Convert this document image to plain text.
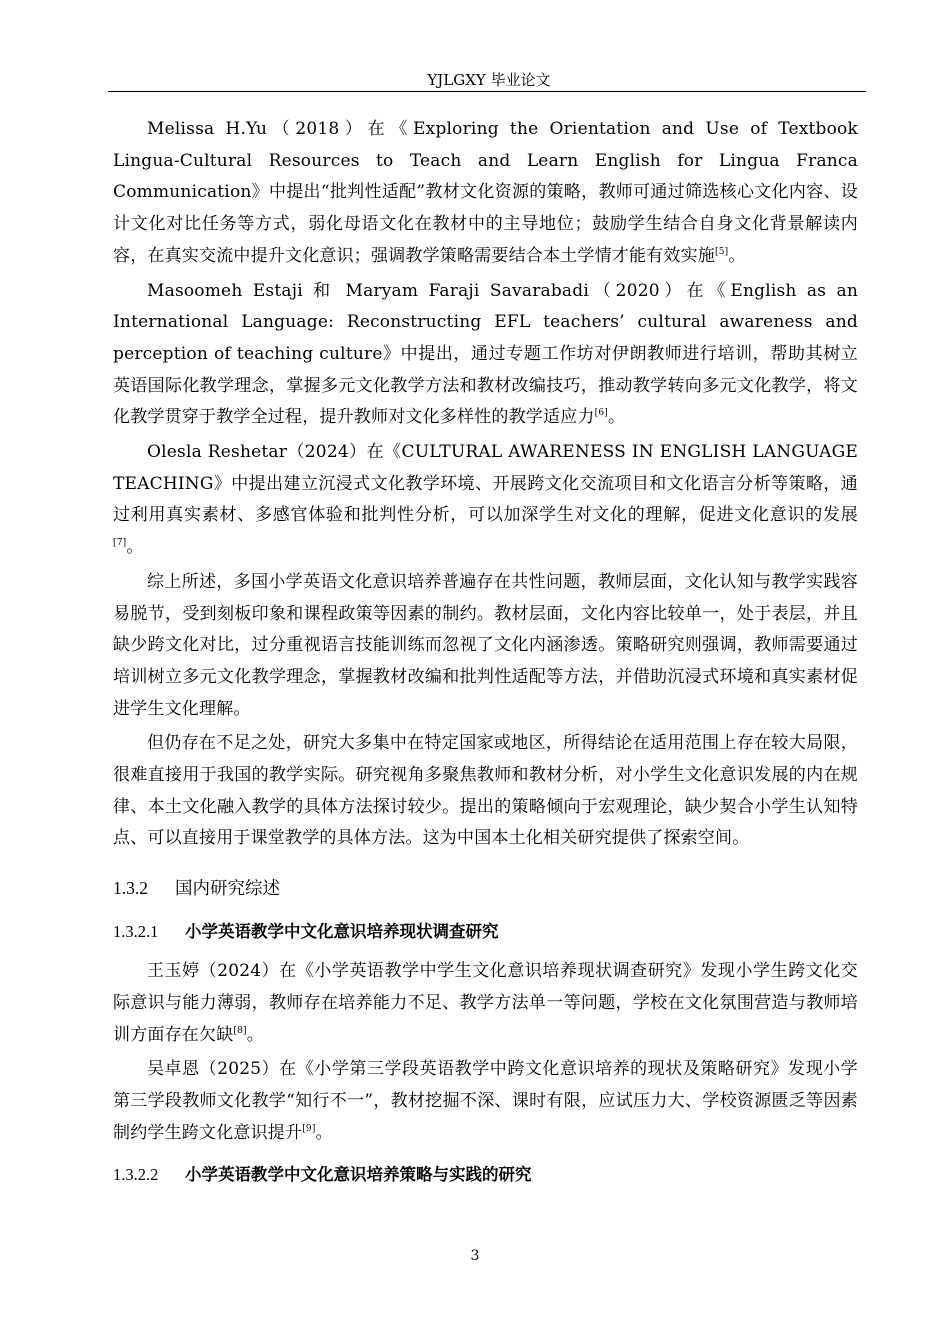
YJLGXY 毕业论文

Melissa H.Yu（2018）在《Exploring the Orientation and Use of Textbook Lingua-Cultural Resources to Teach and Learn English for Lingua Franca Communication》中提出“批判性适配”教材文化资源的策略，教师可通过筛选核心文化内容、设计文化对比任务等方式，弱化母语文化在教材中的主导地位；鼓励学生结合自身文化背景解读内容，在真实交流中提升文化意识；强调教学策略需要结合本土学情才能有效实施[5]。

Masoomeh Estaji 和 Maryam Faraji Savarabadi（2020）在《English as an International Language: Reconstructing EFL teachers’ cultural awareness and perception of teaching culture》中提出，通过专题工作坊对伊朗教师进行培训，帮助其树立英语国际化教学理念，掌握多元文化教学方法和教材改编技巧，推动教学转向多元文化教学，将文化教学贯穿于教学全过程，提升教师对文化多样性的教学适应力[6]。

Olesla Reshetar（2024）在《CULTURAL AWARENESS IN ENGLISH LANGUAGE TEACHING》中提出建立沉浸式文化教学环境、开展跨文化交流项目和文化语言分析等策略，通过利用真实素材、多感官体验和批判性分析，可以加深学生对文化的理解，促进文化意识的发展[7]。

综上所述，多国小学英语文化意识培养普遍存在共性问题，教师层面，文化认知与教学实践容易脱节，受到刻板印象和课程政策等因素的制约。教材层面，文化内容比较单一，处于表层，并且缺少跨文化对比，过分重视语言技能训练而忽视了文化内涵渗透。策略研究则强调，教师需要通过培训树立多元文化教学理念，掌握教材改编和批判性适配等方法，并借助沉浸式环境和真实素材促进学生文化理解。

但仍存在不足之处，研究大多集中在特定国家或地区，所得结论在适用范围上存在较大局限，很难直接用于我国的教学实际。研究视角多聚焦教师和教材分析，对小学生文化意识发展的内在规律、本土文化融入教学的具体方法探讨较少。提出的策略倾向于宏观理论，缺少契合小学生认知特点、可以直接用于课堂教学的具体方法。这为中国本土化相关研究提供了探索空间。

1.3.2 国内研究综述
1.3.2.1 小学英语教学中文化意识培养现状调查研究

王玉婷（2024）在《小学英语教学中学生文化意识培养现状调查研究》发现小学生跨文化交际意识与能力薄弱，教师存在培养能力不足、教学方法单一等问题，学校在文化氛围营造与教师培训方面存在欠缺[8]。

吴卓恩（2025）在《小学第三学段英语教学中跨文化意识培养的现状及策略研究》发现小学第三学段教师文化教学“知行不一”，教材挖掘不深、课时有限，应试压力大、学校资源匮乏等因素制约学生跨文化意识提升[9]。

1.3.2.2 小学英语教学中文化意识培养策略与实践的研究
3
